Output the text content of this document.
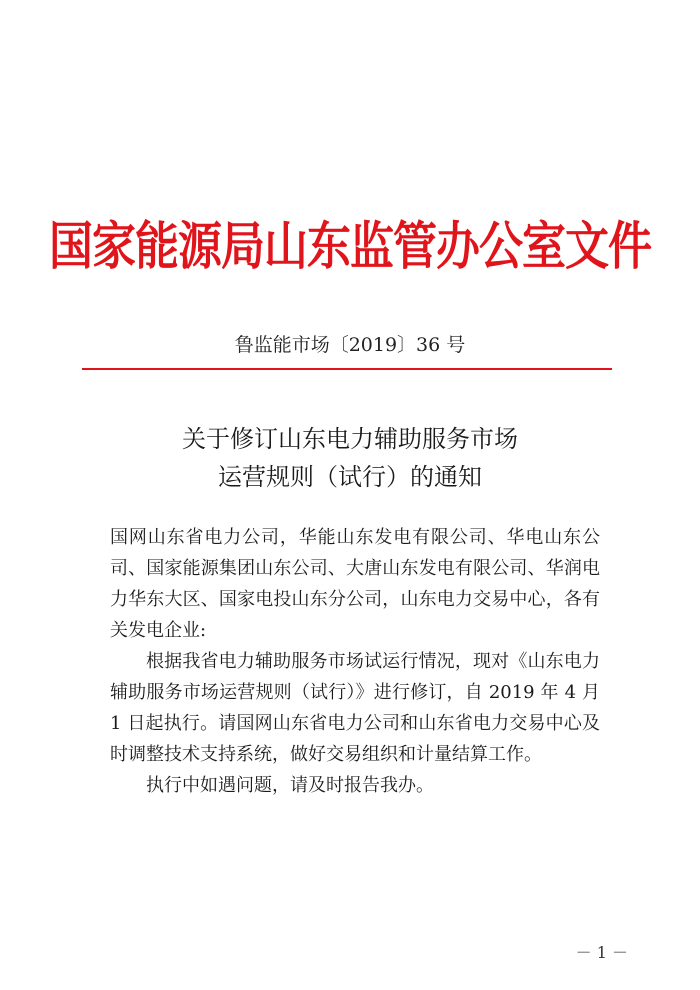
国家能源局山东监管办公室文件
鲁监能市场〔2019〕36 号
关于修订山东电力辅助服务市场
运营规则（试行）的通知

国网山东省电力公司，华能山东发电有限公司、华电山东公司、国家能源集团山东公司、大唐山东发电有限公司、华润电力华东大区、国家电投山东分公司，山东电力交易中心，各有关发电企业:

根据我省电力辅助服务市场试运行情况，现对《山东电力辅助服务市场运营规则（试行）》进行修订，自 2019 年 4 月 1 日起执行。请国网山东省电力公司和山东省电力交易中心及时调整技术支持系统，做好交易组织和计量结算工作。

执行中如遇问题，请及时报告我办。

－ 1 －
